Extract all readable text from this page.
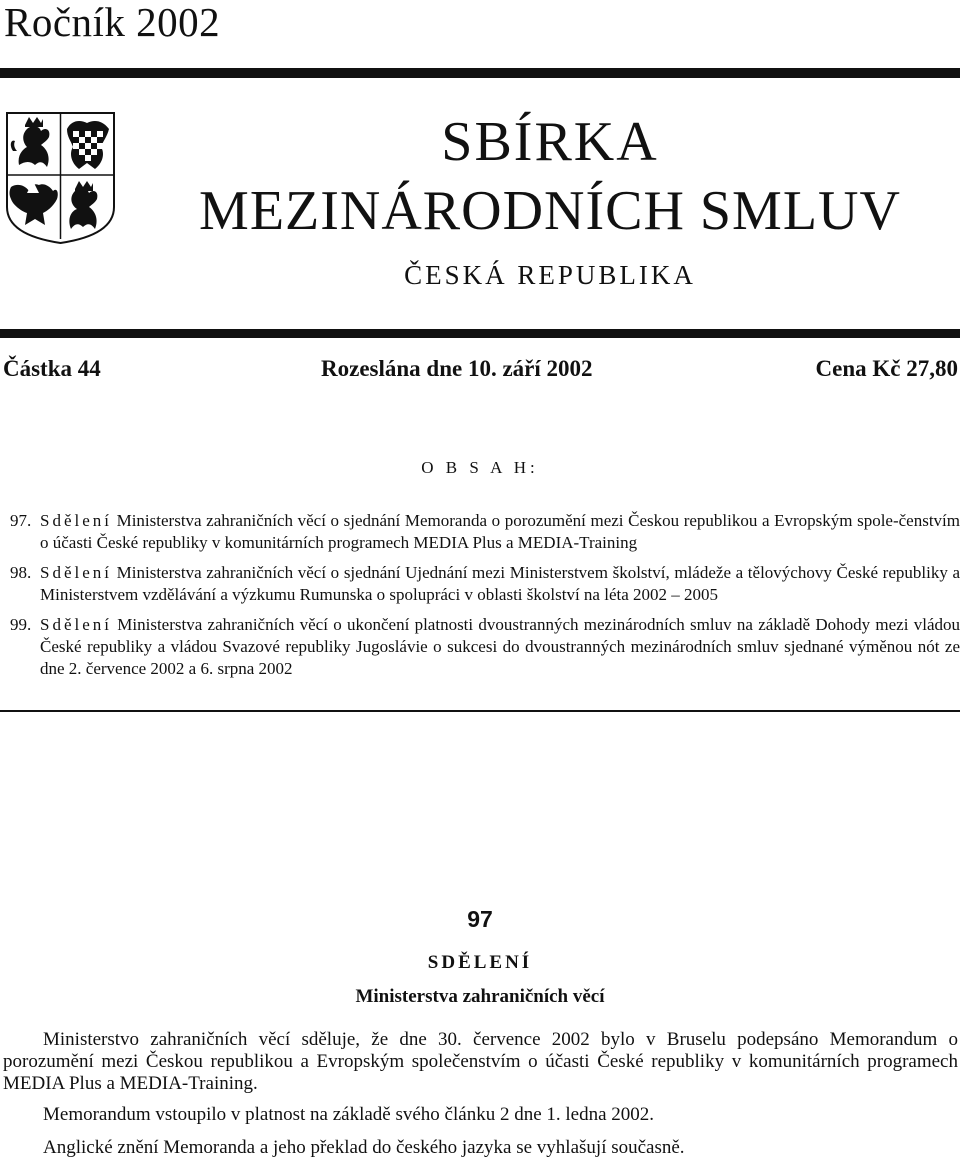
Ročník 2002
SBÍRKA
MEZINÁRODNÍCH SMLUV
ČESKÁ REPUBLIKA
Částka 44	Rozeslána dne 10. září 2002	Cena Kč 27,80
O B S A H:
97. Sdělení Ministerstva zahraničních věcí o sjednání Memoranda o porozumění mezi Českou republikou a Evropským spole-čenstvím o účasti České republiky v komunitárních programech MEDIA Plus a MEDIA-Training
98. Sdělení Ministerstva zahraničních věcí o sjednání Ujednání mezi Ministerstvem školství, mládeže a tělovýchovy České republiky a Ministerstvem vzdělávání a výzkumu Rumunska o spolupráci v oblasti školství na léta 2002 – 2005
99. Sdělení Ministerstva zahraničních věcí o ukončení platnosti dvoustranných mezinárodních smluv na základě Dohody mezi vládou České republiky a vládou Svazové republiky Jugoslávie o sukcesi do dvoustranných mezinárodních smluv sjednané výměnou nót ze dne 2. července 2002 a 6. srpna 2002
97
SDĚLENÍ
Ministerstva zahraničních věcí
Ministerstvo zahraničních věcí sděluje, že dne 30. července 2002 bylo v Bruselu podepsáno Memorandum o porozumění mezi Českou republikou a Evropským společenstvím o účasti České republiky v komunitárních programech MEDIA Plus a MEDIA-Training.
Memorandum vstoupilo v platnost na základě svého článku 2 dne 1. ledna 2002.
Anglické znění Memoranda a jeho překlad do českého jazyka se vyhlašují současně.
